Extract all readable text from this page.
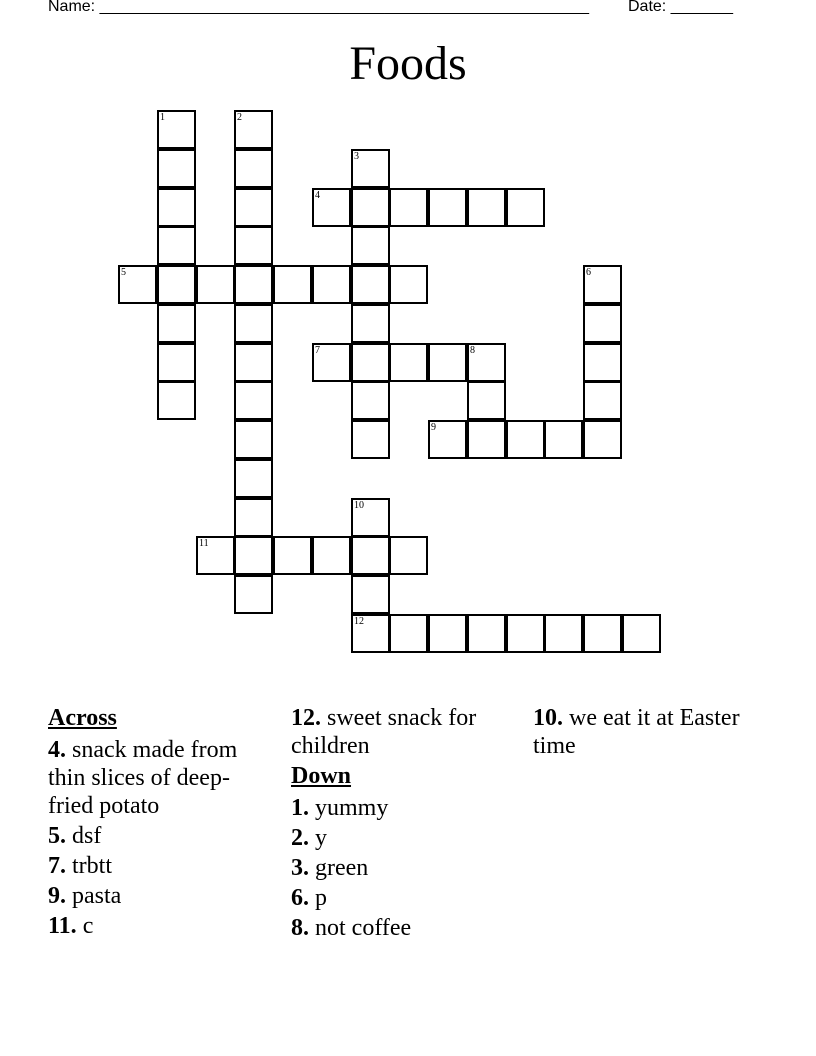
Name: _______________________________________________________ Date: _______
Foods
1	2
3
4
5	6
7	8
9
10
11
12
Across
4. snack made from thin slices of deep-fried potato
5. dsf
7. trbtt
9. pasta
11. c
12. sweet snack for children
Down
1. yummy
2. y
3. green
6. p
8. not coffee
10. we eat it at Easter time
